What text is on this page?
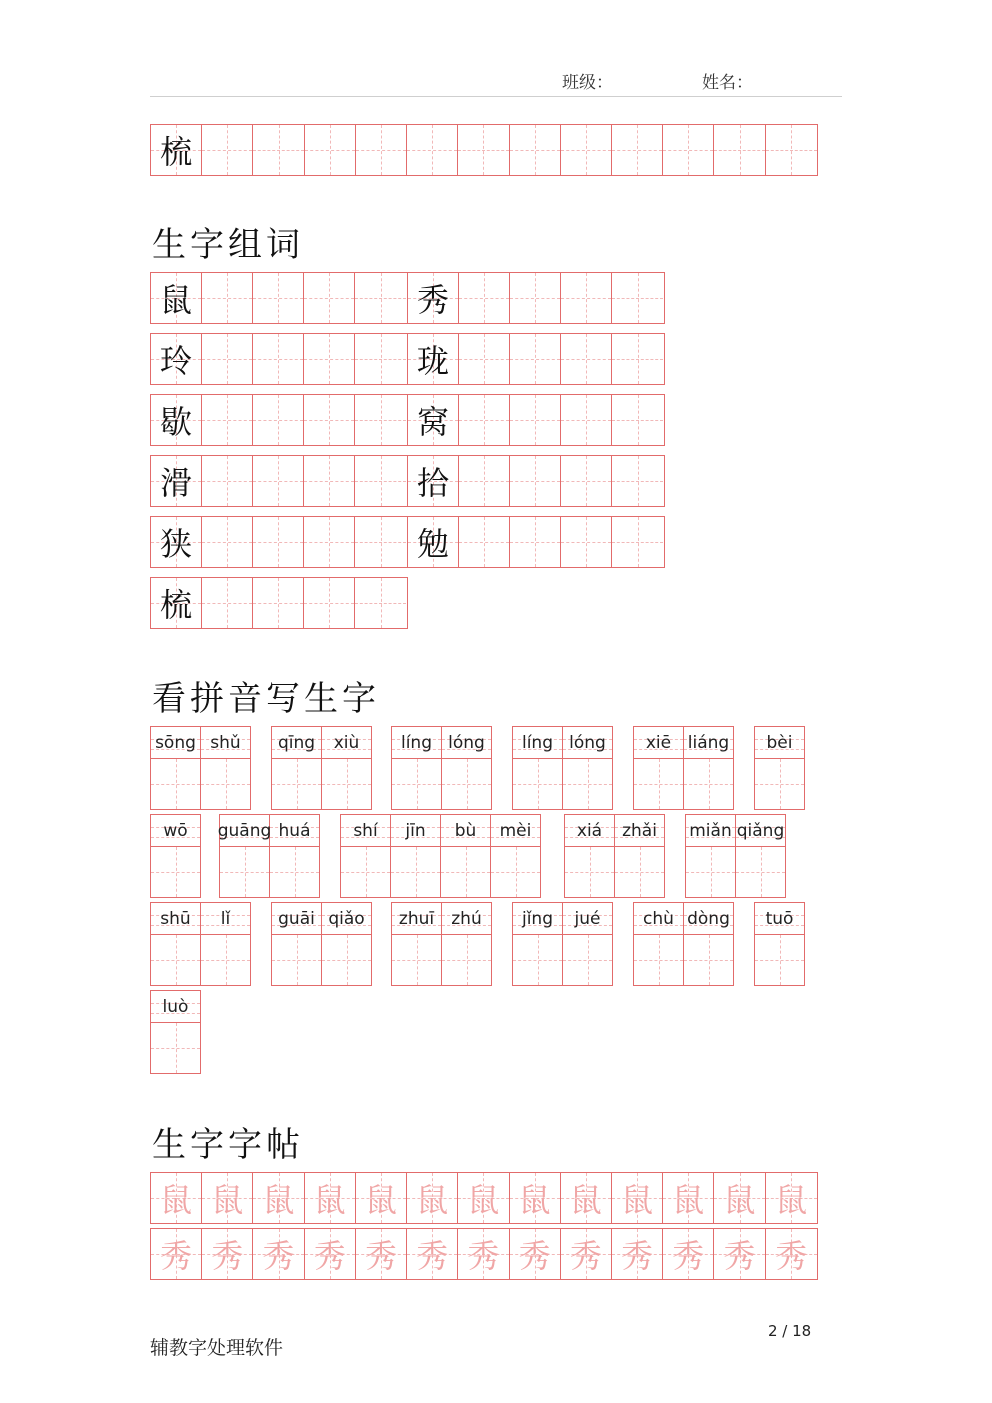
班级：	姓名：
生字组词
看拼音写生字
生字字帖
辅教字处理软件
2 / 18
梳
鼠	秀
玲	珑
歇	窝
滑	拾
狭	勉
梳
sōng shǔ qīng xiù líng lóng líng lóng xiē liáng bèi
wō guāng huá	shí jīn bù mèi	xiá zhǎi miǎn qiǎng
shū lǐ	guāi qiǎo zhuī zhú jǐng jué	chù dòng tuō
luò
鼠 鼠 鼠 鼠 鼠 鼠 鼠 鼠 鼠 鼠 鼠 鼠 鼠
秀 秀 秀 秀 秀 秀 秀 秀 秀 秀 秀 秀 秀
